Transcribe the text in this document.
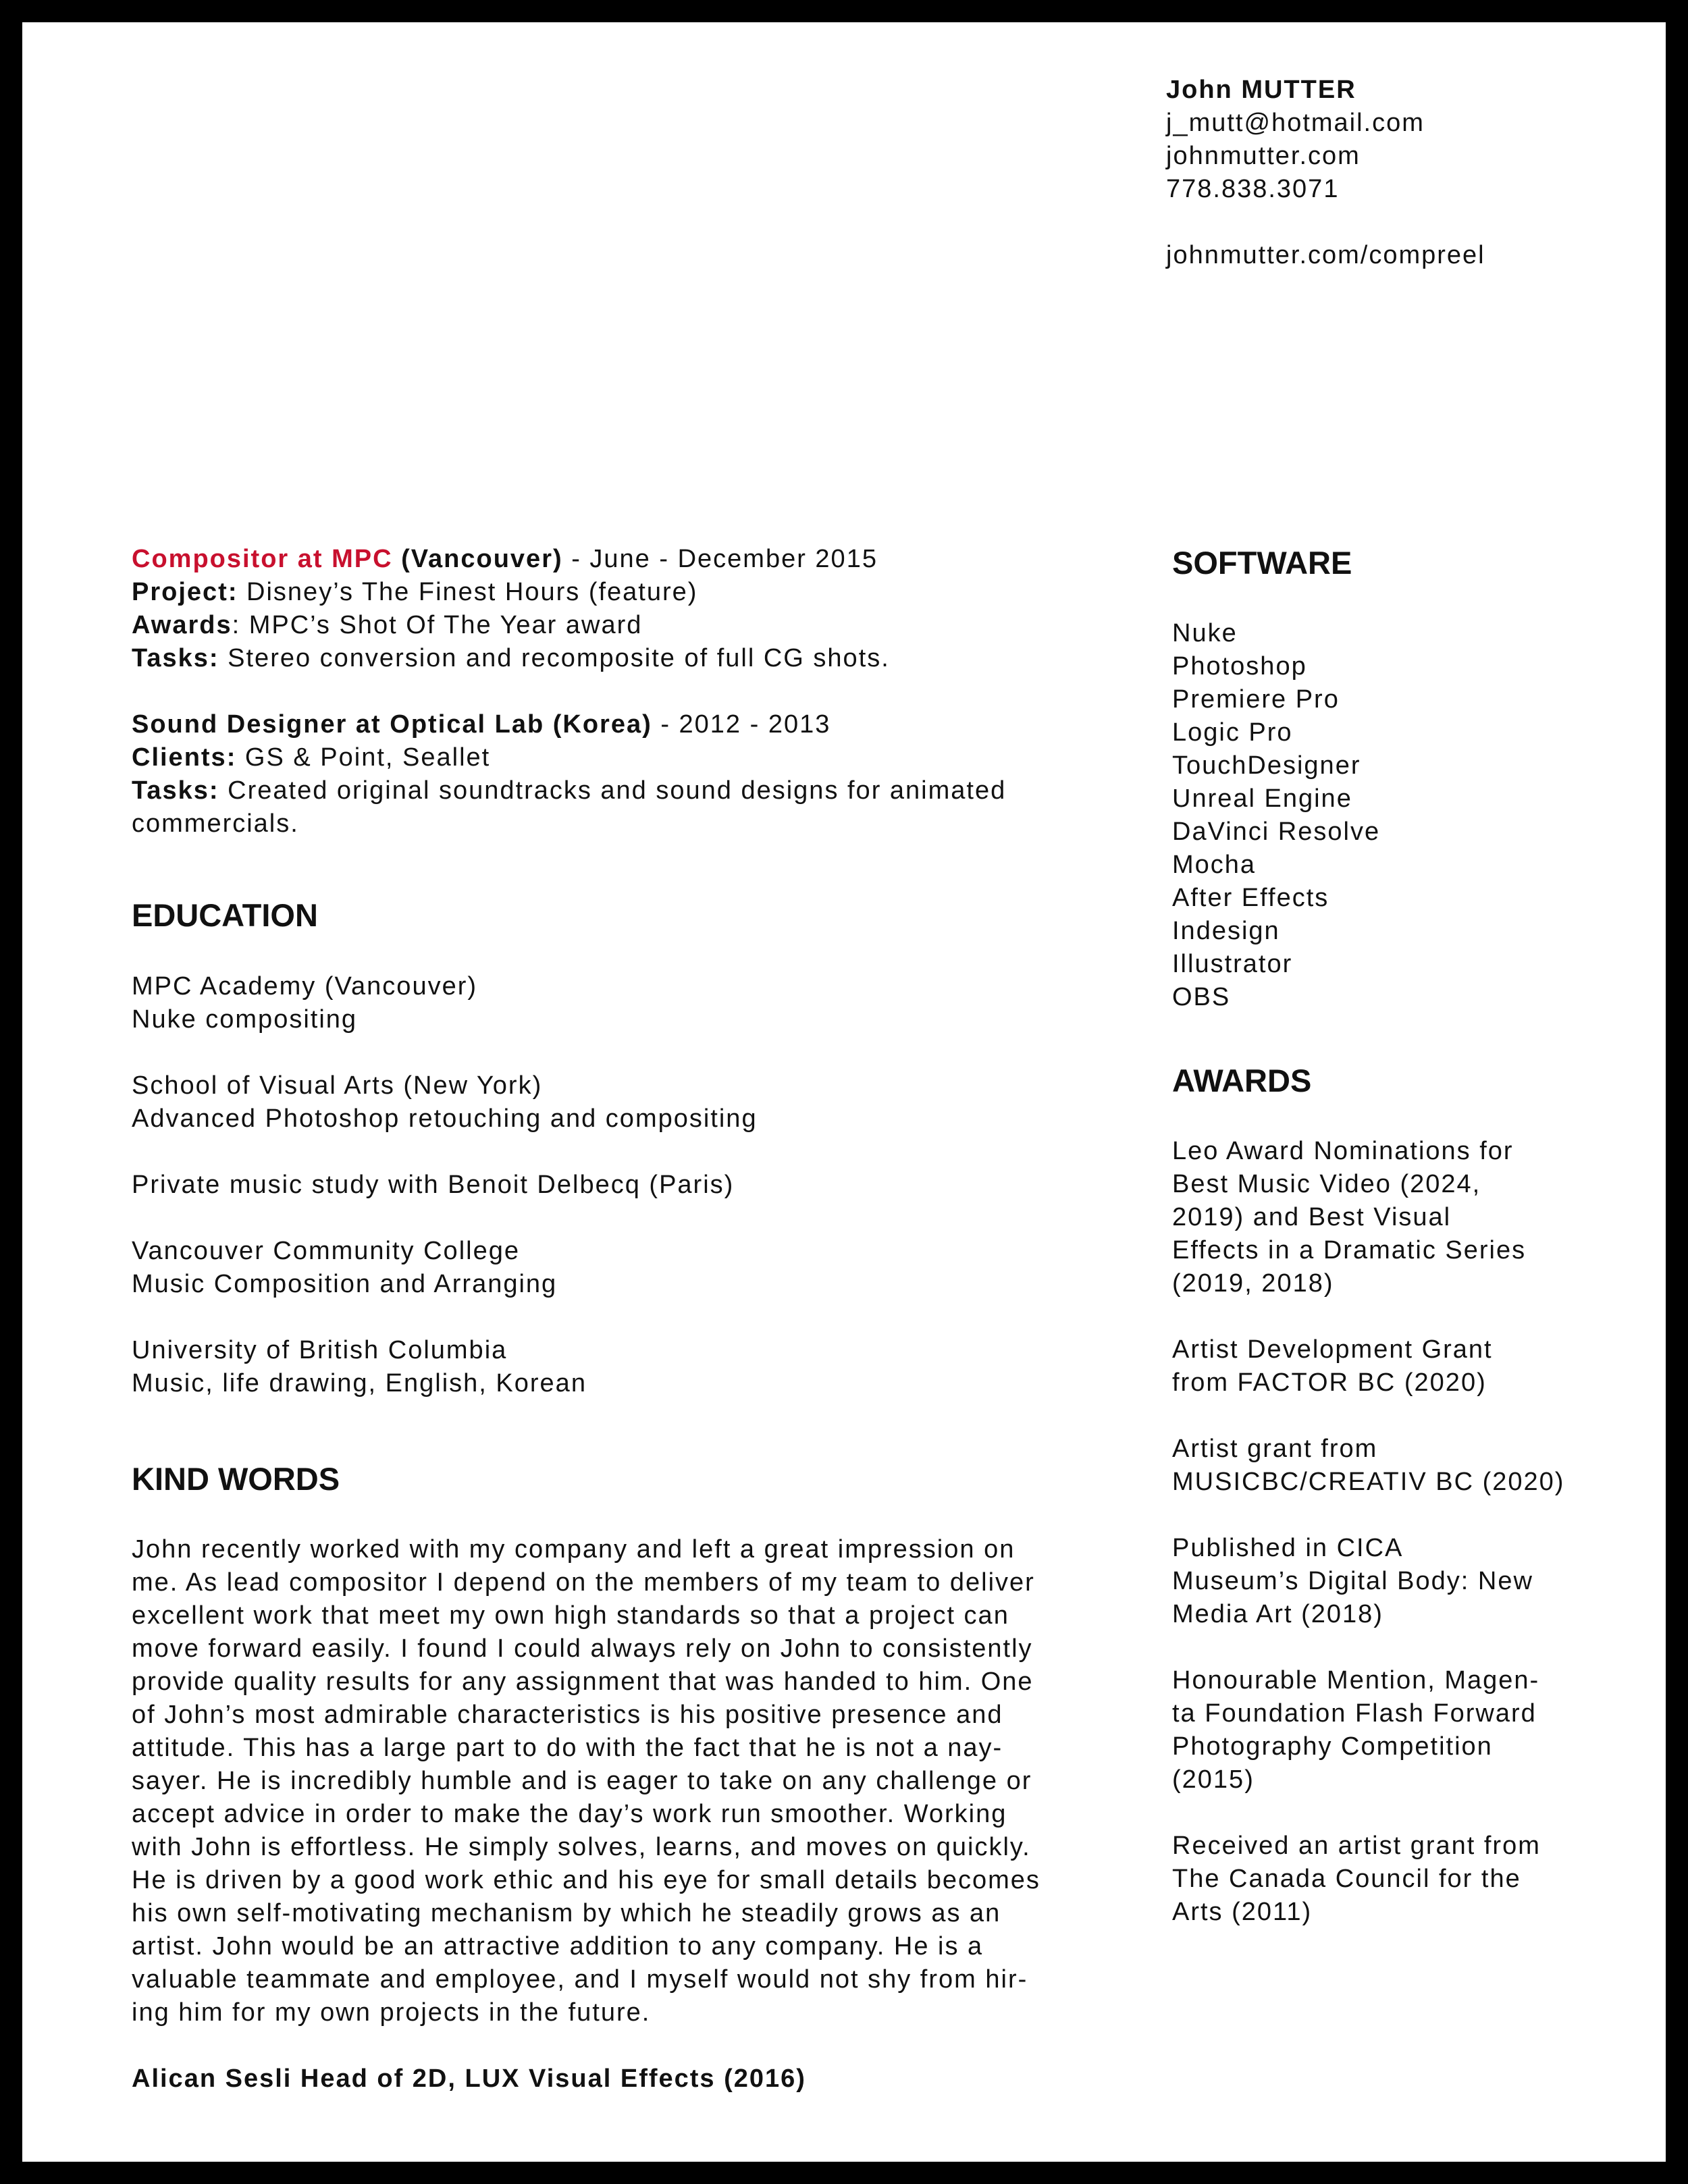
John MUTTER
j_mutt@hotmail.com
johnmutter.com
778.838.3071
johnmutter.com/compreel
Compositor at MPC (Vancouver) - June - December 2015
Project: Disney’s The Finest Hours (feature)
Awards: MPC’s Shot Of The Year award
Tasks: Stereo conversion and recomposite of full CG shots.
Sound Designer at Optical Lab (Korea) - 2012 - 2013
Clients: GS & Point, Seallet
Tasks: Created original soundtracks and sound designs for animated
commercials.
EDUCATION
MPC Academy (Vancouver)
Nuke compositing
School of Visual Arts (New York)
Advanced Photoshop retouching and compositing
Private music study with Benoit Delbecq (Paris)
Vancouver Community College
Music Composition and Arranging
University of British Columbia
Music, life drawing, English, Korean
KIND WORDS
John recently worked with my company and left a great impression on
me. As lead compositor I depend on the members of my team to deliver
excellent work that meet my own high standards so that a project can
move forward easily. I found I could always rely on John to consistently
provide quality results for any assignment that was handed to him. One
of John’s most admirable characteristics is his positive presence and
attitude. This has a large part to do with the fact that he is not a nay-
sayer. He is incredibly humble and is eager to take on any challenge or
accept advice in order to make the day’s work run smoother. Working
with John is effortless. He simply solves, learns, and moves on quickly.
He is driven by a good work ethic and his eye for small details becomes
his own self-motivating mechanism by which he steadily grows as an
artist. John would be an attractive addition to any company. He is a
valuable teammate and employee, and I myself would not shy from hir-
ing him for my own projects in the future.
Alican Sesli Head of 2D, LUX Visual Effects (2016)
SOFTWARE
Nuke
Photoshop
Premiere Pro
Logic Pro
TouchDesigner
Unreal Engine
DaVinci Resolve
Mocha
After Effects
Indesign
Illustrator
OBS
AWARDS
Leo Award Nominations for
Best Music Video (2024,
2019) and Best Visual
Effects in a Dramatic Series
(2019, 2018)
Artist Development Grant
from FACTOR BC (2020)
Artist grant from
MUSICBC/CREATIV BC (2020)
Published in CICA
Museum’s Digital Body: New
Media Art (2018)
Honourable Mention, Magen-
ta Foundation Flash Forward
Photography Competition
(2015)
Received an artist grant from
The Canada Council for the
Arts (2011)
